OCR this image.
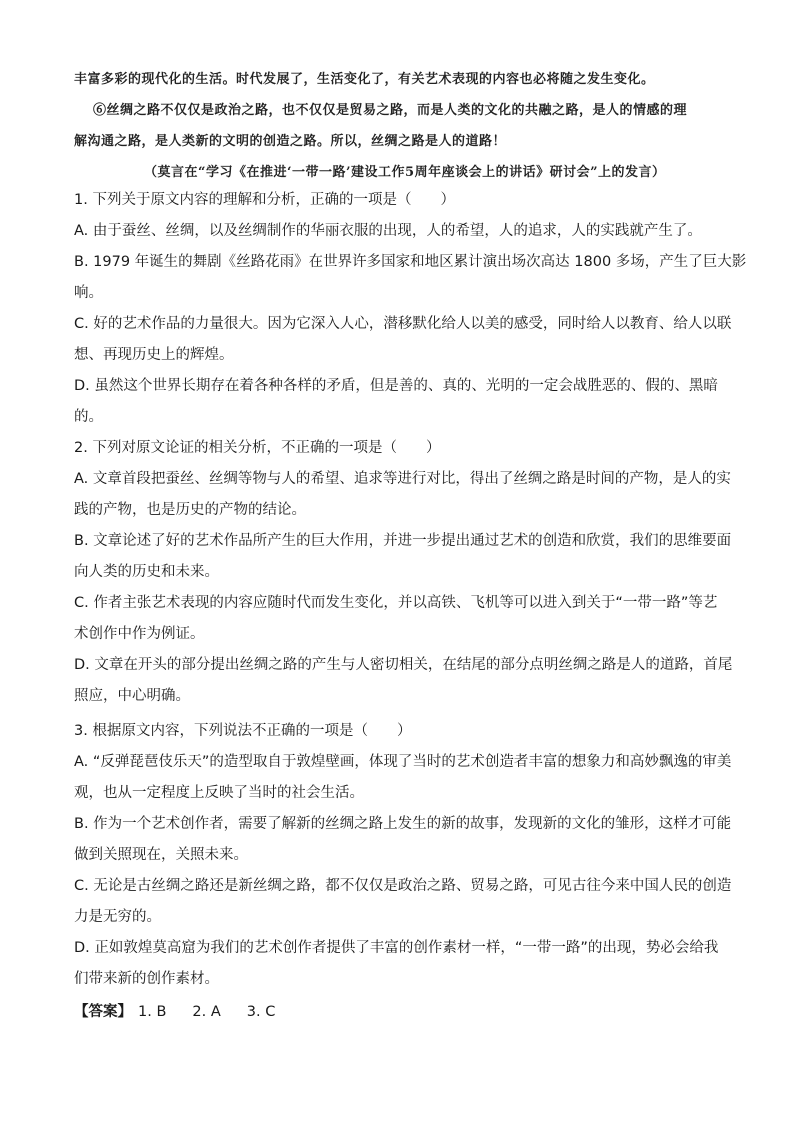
丰富多彩的现代化的生活。时代发展了，生活变化了，有关艺术表现的内容也必将随之发生变化。
⑥丝绸之路不仅仅是政治之路，也不仅仅是贸易之路，而是人类的文化的共融之路，是人的情感的理
解沟通之路，是人类新的文明的创造之路。所以，丝绸之路是人的道路！
（莫言在“学习《在推进‘一带一路’建设工作5周年座谈会上的讲话》研讨会”上的发言）
1. 下列关于原文内容的理解和分析，正确的一项是（　　）
A. 由于蚕丝、丝绸，以及丝绸制作的华丽衣服的出现，人的希望，人的追求，人的实践就产生了。
B. 1979 年诞生的舞剧《丝路花雨》在世界许多国家和地区累计演出场次高达 1800 多场，产生了巨大影
响。
C. 好的艺术作品的力量很大。因为它深入人心，潜移默化给人以美的感受，同时给人以教育、给人以联
想、再现历史上的辉煌。
D. 虽然这个世界长期存在着各种各样的矛盾，但是善的、真的、光明的一定会战胜恶的、假的、黑暗
的。
2. 下列对原文论证的相关分析，不正确的一项是（　　）
A. 文章首段把蚕丝、丝绸等物与人的希望、追求等进行对比，得出了丝绸之路是时间的产物，是人的实
践的产物，也是历史的产物的结论。
B. 文章论述了好的艺术作品所产生的巨大作用，并进一步提出通过艺术的创造和欣赏，我们的思维要面
向人类的历史和未来。
C. 作者主张艺术表现的内容应随时代而发生变化，并以高铁、飞机等可以进入到关于“一带一路”等艺
术创作中作为例证。
D. 文章在开头的部分提出丝绸之路的产生与人密切相关，在结尾的部分点明丝绸之路是人的道路，首尾
照应，中心明确。
3. 根据原文内容，下列说法不正确的一项是（　　）
A. “反弹琵琶伎乐天”的造型取自于敦煌壁画，体现了当时的艺术创造者丰富的想象力和高妙飘逸的审美
观，也从一定程度上反映了当时的社会生活。
B. 作为一个艺术创作者，需要了解新的丝绸之路上发生的新的故事，发现新的文化的雏形，这样才可能
做到关照现在，关照未来。
C. 无论是古丝绸之路还是新丝绸之路，都不仅仅是政治之路、贸易之路，可见古往今来中国人民的创造
力是无穷的。
D. 正如敦煌莫高窟为我们的艺术创作者提供了丰富的创作素材一样，“一带一路”的出现，势必会给我
们带来新的创作素材。
【答案】 1. B 2. A 3. C
